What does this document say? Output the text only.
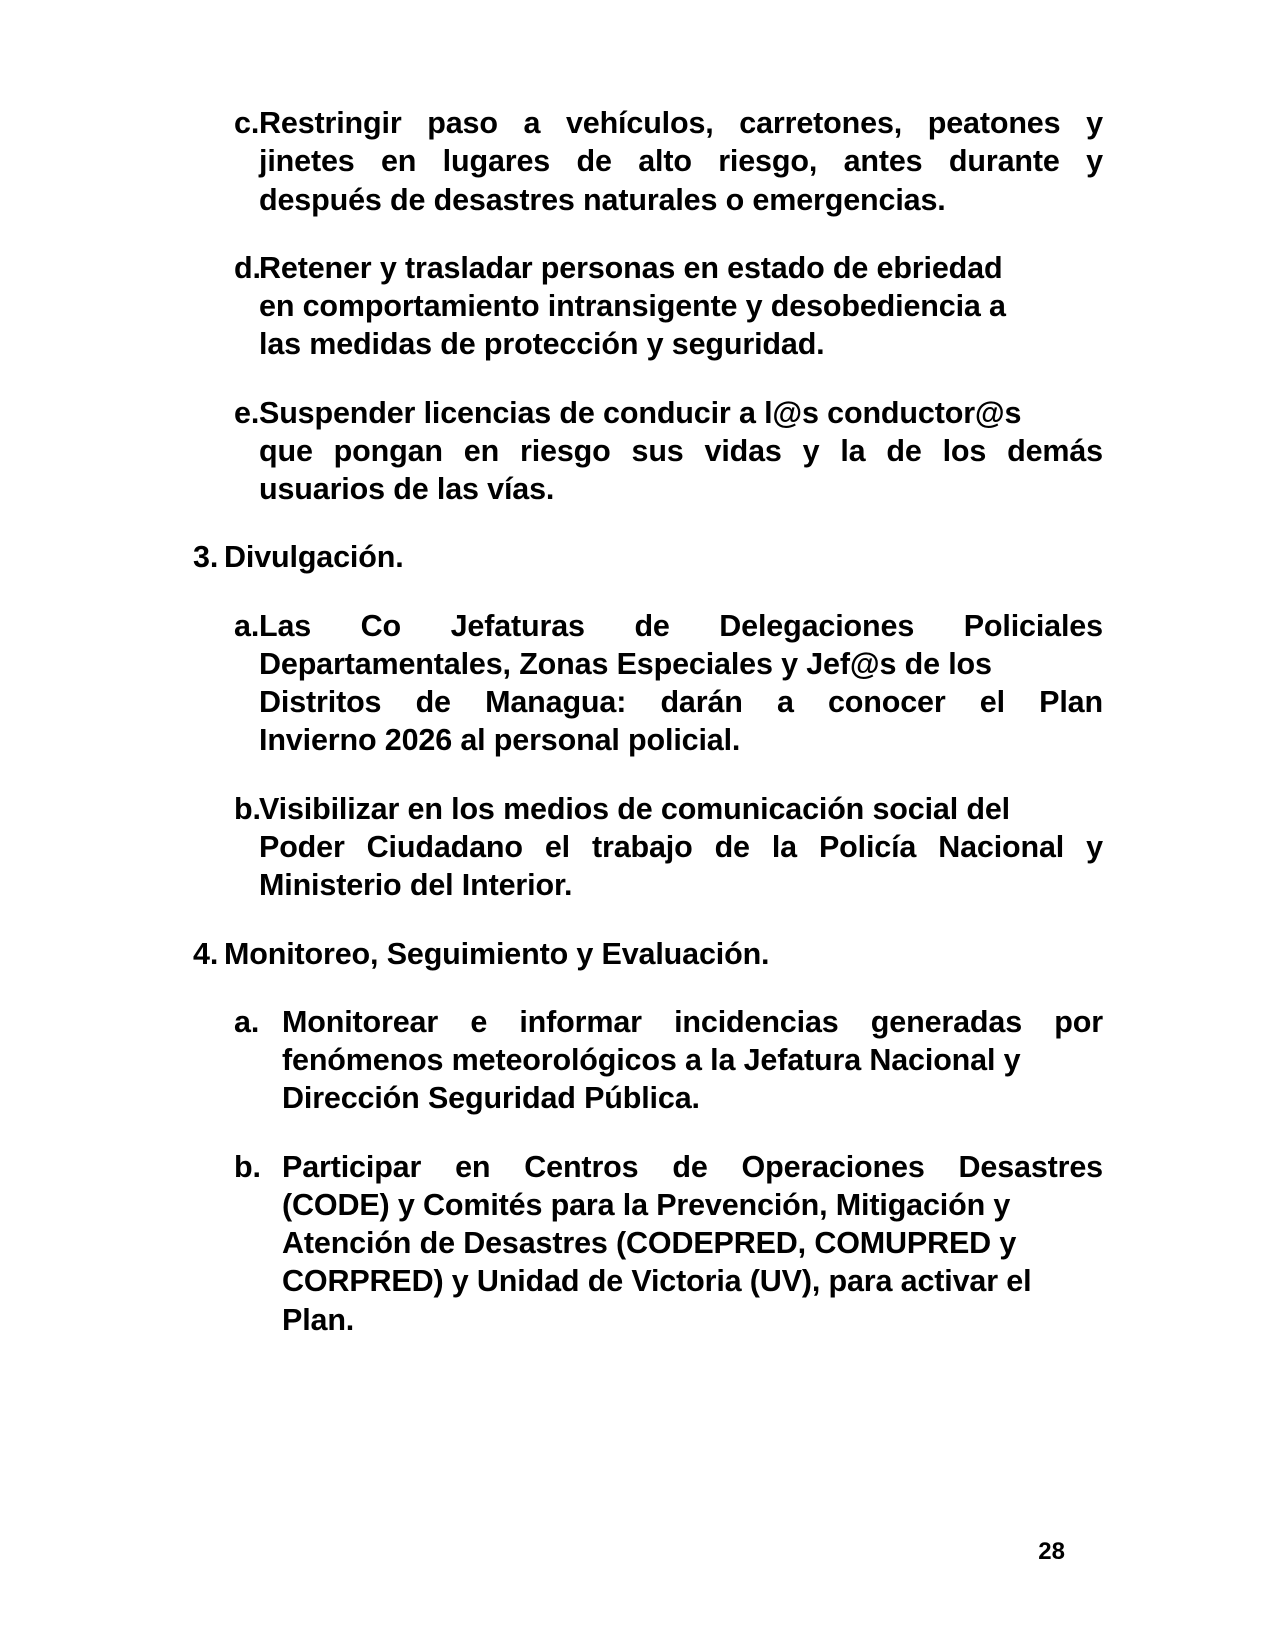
c. Restringir paso a vehículos, carretones, peatones y
jinetes en lugares de alto riesgo, antes durante y
después de desastres naturales o emergencias.
d.
Retener y trasladar personas en estado de ebriedad
en comportamiento intransigente y desobediencia a
las medidas de protección y seguridad.
e. Suspender licencias de conducir a l@s conductor@s
que pongan en riesgo sus vidas y la de los demás
usuarios de las vías.
3. Divulgación.
a. Las Co Jefaturas de Delegaciones Policiales
Departamentales, Zonas Especiales y Jef@s de los
Distritos de Managua: darán a conocer el Plan
Invierno 2026 al personal policial.
b.
Visibilizar en los medios de comunicación social del
Poder Ciudadano el trabajo de la Policía Nacional y
Ministerio del Interior.
4. Monitoreo, Seguimiento y Evaluación.
a. Monitorear e informar incidencias generadas por
fenómenos meteorológicos a la Jefatura Nacional y
Dirección Seguridad Pública.
b. Participar en Centros de Operaciones Desastres
(CODE) y Comités para la Prevención, Mitigación y
Atención de Desastres (CODEPRED, COMUPRED y
CORPRED) y Unidad de Victoria (UV), para activar el
Plan.
28
